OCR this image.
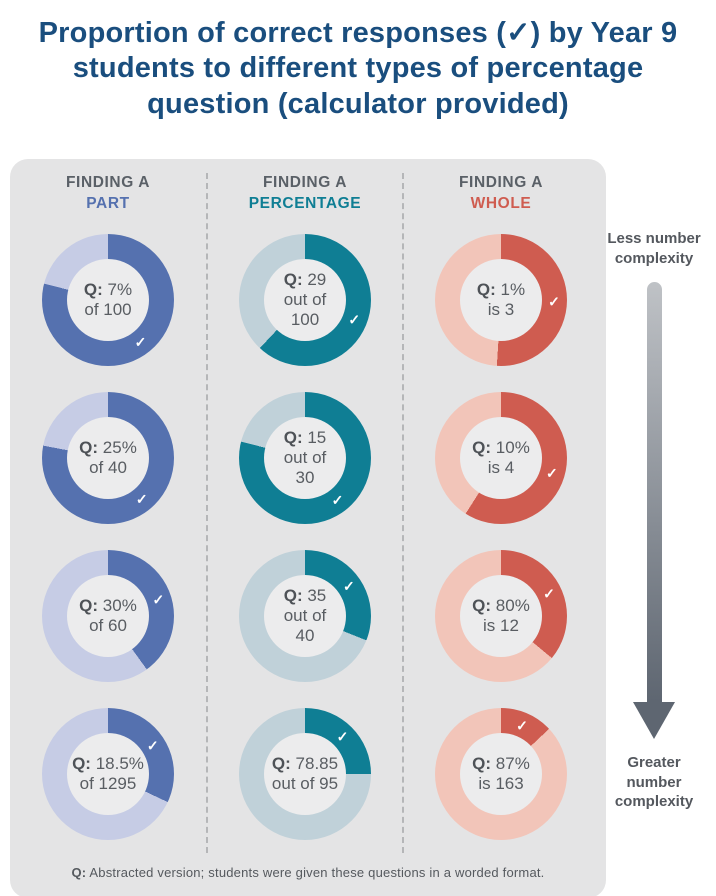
Proportion of correct responses (✓) by Year 9
students to different types of percentage
question (calculator provided)
FINDING A
PART
Q: 7%
of 100
✓
Q: 25%
of 40
✓
Q: 30%
of 60
✓
Q: 18.5%
of 1295
✓
FINDING A
PERCENTAGE
Q: 29
out of
100 ✓
Q: 15
out of
30
✓
Q: 35
out of
40
✓
Q: 78.85
out of 95
✓
FINDING A
WHOLE
Q: 1%
is 3 ✓
Q: 10%
is 4 ✓
Q: 80%
is 12
✓
Q: 87%
is 163
✓
Q: Abstracted version; students were given these questions in a worded format.
Less number complexity
Greater number complexity
